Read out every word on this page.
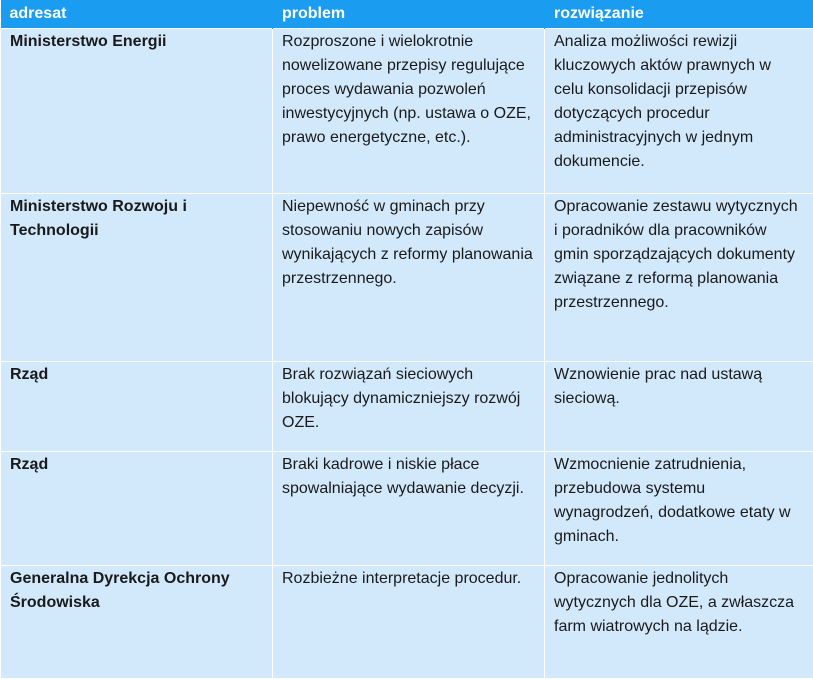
adresat	problem	rozwiązanie
Ministerstwo Energii	Rozproszone i wielokrotnie nowelizowane przepisy regulujące proces wydawania pozwoleń inwestycyjnych (np. ustawa o OZE, prawo energetyczne, etc.).	Analiza możliwości rewizji kluczowych aktów prawnych w celu konsolidacji przepisów dotyczących procedur administracyjnych w jednym dokumencie.
Ministerstwo Rozwoju i Technologii	Niepewność w gminach przy stosowaniu nowych zapisów wynikających z reformy planowania przestrzennego.	Opracowanie zestawu wytycznych i poradników dla pracowników gmin sporządzających dokumenty związane z reformą planowania przestrzennego.
Rząd	Brak rozwiązań sieciowych blokujący dynamiczniejszy rozwój OZE.	Wznowienie prac nad ustawą sieciową.
Rząd	Braki kadrowe i niskie płace spowalniające wydawanie decyzji.	Wzmocnienie zatrudnienia, przebudowa systemu wynagrodzeń, dodatkowe etaty w gminach.
Generalna Dyrekcja Ochrony Środowiska	Rozbieżne interpretacje procedur.	Opracowanie jednolitych wytycznych dla OZE, a zwłaszcza farm wiatrowych na lądzie.
